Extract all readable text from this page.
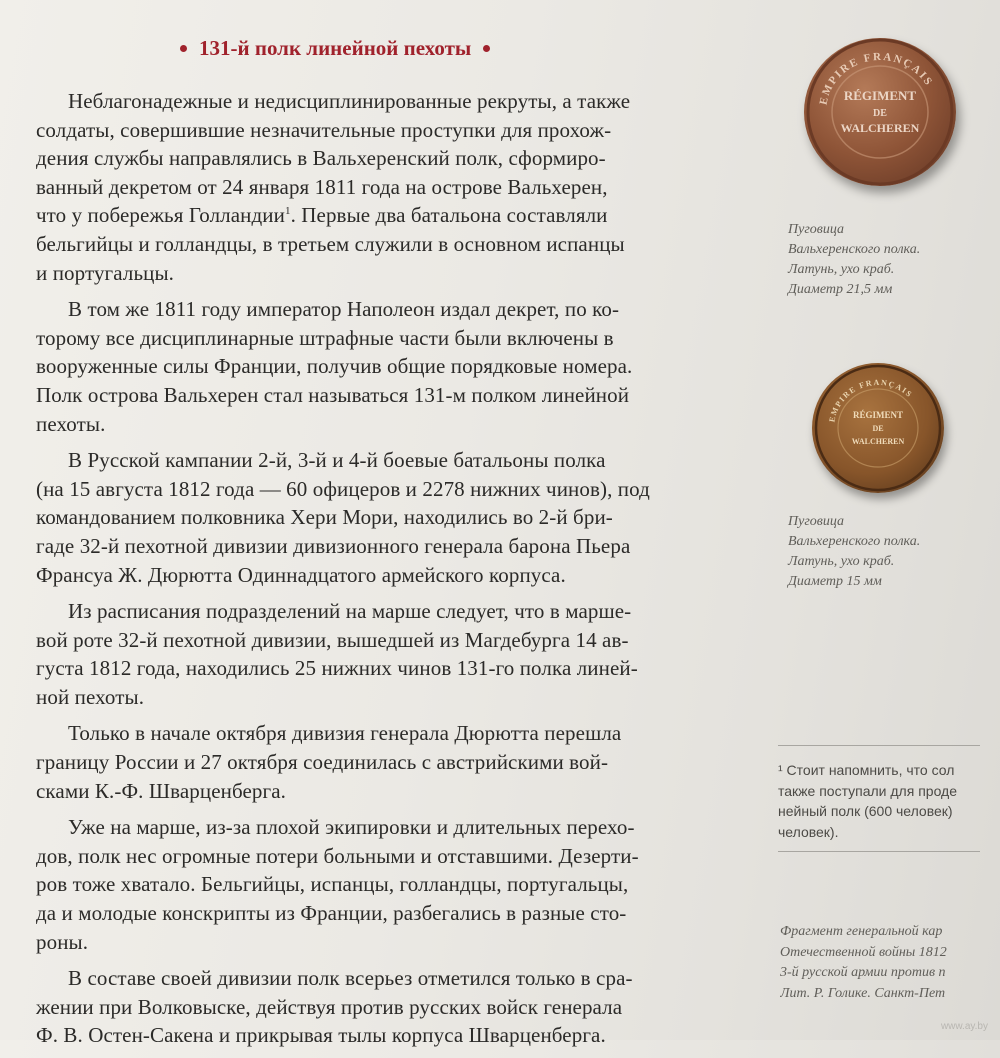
131-й полк линейной пехоты

Неблагонадежные и недисциплинированные рекруты, а также
солдаты, совершившие незначительные проступки для прохож-
дения службы направлялись в Вальхеренский полк, сформиро-
ванный декретом от 24 января 1811 года на острове Вальхерен,
что у побережья Голландии$^1$. Первые два батальона составляли
бельгийцы и голландцы, в третьем служили в основном испанцы
и португальцы.

В том же 1811 году император Наполеон издал декрет, по ко-
торому все дисциплинарные штрафные части были включены в
вооруженные силы Франции, получив общие порядковые номера.
Полк острова Вальхерен стал называться 131-м полком линейной
пехоты.

В Русской кампании 2-й, 3-й и 4-й боевые батальоны полка
(на 15 августа 1812 года — 60 офицеров и 2278 нижних чинов), под
командованием полковника Хери Мори, находились во 2-й бри-
гаде 32-й пехотной дивизии дивизионного генерала барона Пьера
Франсуа Ж. Дюрютта Одиннадцатого армейского корпуса.

Из расписания подразделений на марше следует, что в марше-
вой роте 32-й пехотной дивизии, вышедшей из Магдебурга 14 ав-
густа 1812 года, находились 25 нижних чинов 131-го полка линей-
ной пехоты.

Только в начале октября дивизия генерала Дюрютта перешла
границу России и 27 октября соединилась с австрийскими вой-
сками К.-Ф. Шварценберга.

Уже на марше, из-за плохой экипировки и длительных перехо-
дов, полк нес огромные потери больными и отставшими. Дезерти-
ров тоже хватало. Бельгийцы, испанцы, голландцы, португальцы,
да и молодые конскрипты из Франции, разбегались в разные сто-
роны.

В составе своей дивизии полк всерьез отметился только в сра-
жении при Волковыске, действуя против русских войск генерала
Ф. В. Остен-Сакена и прикрывая тылы корпуса Шварценберга.

EMPIRE FRANÇAIS
RÉGIMENT
DE
WALCHEREN
Пуговица
Вальхеренского полка.
Латунь, ухо краб.
Диаметр 21,5 мм
EMPIRE FRANÇAIS
RÉGIMENT
DE
WALCHEREN
Пуговица
Вальхеренского полка.
Латунь, ухо краб.
Диаметр 15 мм
¹ Стоит напомнить, что сол
также поступали для проде
нейный полк (600 человек)
человек).
Фрагмент генеральной кар
Отечественной войны 1812
3-й русской армии против п
Лит. Р. Голике. Санкт-Пет
www.ay.by
